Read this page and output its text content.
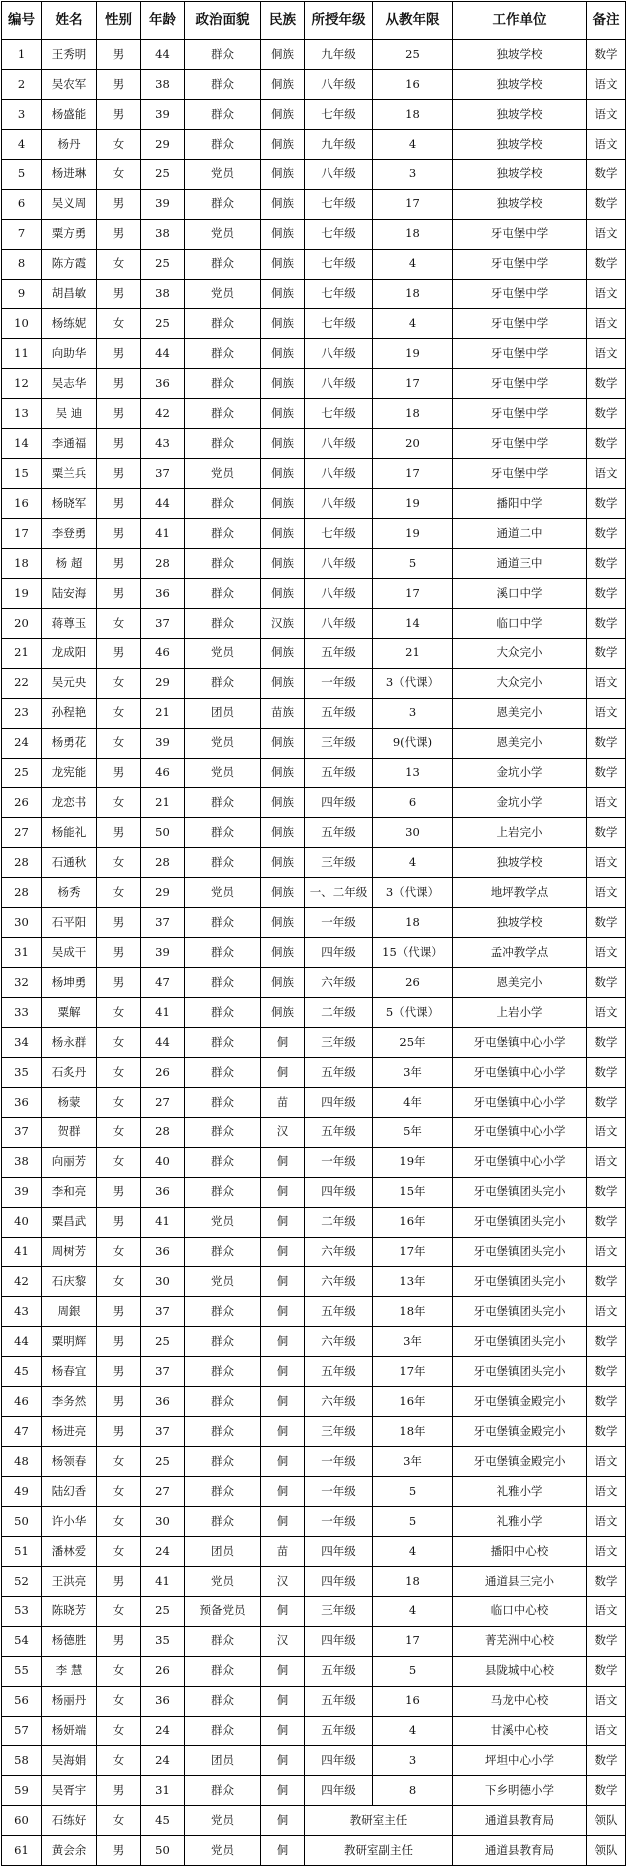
编号	姓名	性别	年龄	政治面貌	民族	所授年级	从教年限	工作单位	备注
1	王秀明	男	44	群众	侗族	九年级	25	独坡学校	数学
2	吴农军	男	38	群众	侗族	八年级	16	独坡学校	语文
3	杨盛能	男	39	群众	侗族	七年级	18	独坡学校	语文
4	杨丹	女	29	群众	侗族	九年级	4	独坡学校	语文
5	杨进琳	女	25	党员	侗族	八年级	3	独坡学校	数学
6	吴义周	男	39	群众	侗族	七年级	17	独坡学校	数学
7	粟方勇	男	38	党员	侗族	七年级	18	牙屯堡中学	语文
8	陈方霞	女	25	群众	侗族	七年级	4	牙屯堡中学	数学
9	胡昌敏	男	38	党员	侗族	七年级	18	牙屯堡中学	语文
10	杨练妮	女	25	群众	侗族	七年级	4	牙屯堡中学	语文
11	向助华	男	44	群众	侗族	八年级	19	牙屯堡中学	语文
12	吴志华	男	36	群众	侗族	八年级	17	牙屯堡中学	数学
13	吴 迪	男	42	群众	侗族	七年级	18	牙屯堡中学	数学
14	李通福	男	43	群众	侗族	八年级	20	牙屯堡中学	数学
15	粟兰兵	男	37	党员	侗族	八年级	17	牙屯堡中学	语文
16	杨晓军	男	44	群众	侗族	八年级	19	播阳中学	数学
17	李登勇	男	41	群众	侗族	七年级	19	通道二中	数学
18	杨 超	男	28	群众	侗族	八年级	5	通道三中	数学
19	陆安海	男	36	群众	侗族	八年级	17	溪口中学	数学
20	蒋尊玉	女	37	群众	汉族	八年级	14	临口中学	数学
21	龙成阳	男	46	党员	侗族	五年级	21	大众完小	数学
22	吴元央	女	29	群众	侗族	一年级	3（代课）	大众完小	语文
23	孙程艳	女	21	团员	苗族	五年级	3	恩美完小	语文
24	杨勇花	女	39	党员	侗族	三年级	9(代课)	恩美完小	数学
25	龙宪能	男	46	党员	侗族	五年级	13	金坑小学	数学
26	龙恋书	女	21	群众	侗族	四年级	6	金坑小学	语文
27	杨能礼	男	50	群众	侗族	五年级	30	上岩完小	数学
28	石通秋	女	28	群众	侗族	三年级	4	独坡学校	语文
28	杨秀	女	29	党员	侗族	一、二年级	3（代课）	地坪教学点	语文
30	石平阳	男	37	群众	侗族	一年级	18	独坡学校	数学
31	吴成干	男	39	群众	侗族	四年级	15（代课）	孟冲教学点	语文
32	杨坤勇	男	47	群众	侗族	六年级	26	恩美完小	数学
33	粟解	女	41	群众	侗族	二年级	5（代课）	上岩小学	语文
34	杨永群	女	44	群众	侗	三年级	25年	牙屯堡镇中心小学	数学
35	石炙丹	女	26	群众	侗	五年级	3年	牙屯堡镇中心小学	数学
36	杨蒙	女	27	群众	苗	四年级	4年	牙屯堡镇中心小学	数学
37	贺群	女	28	群众	汉	五年级	5年	牙屯堡镇中心小学	语文
38	向丽芳	女	40	群众	侗	一年级	19年	牙屯堡镇中心小学	语文
39	李和亮	男	36	群众	侗	四年级	15年	牙屯堡镇团头完小	数学
40	粟昌武	男	41	党员	侗	二年级	16年	牙屯堡镇团头完小	数学
41	周树芳	女	36	群众	侗	六年级	17年	牙屯堡镇团头完小	语文
42	石庆黎	女	30	党员	侗	六年级	13年	牙屯堡镇团头完小	数学
43	周銀	男	37	群众	侗	五年级	18年	牙屯堡镇团头完小	语文
44	粟明辉	男	25	群众	侗	六年级	3年	牙屯堡镇团头完小	数学
45	杨春宜	男	37	群众	侗	五年级	17年	牙屯堡镇团头完小	数学
46	李务然	男	36	群众	侗	六年级	16年	牙屯堡镇金殿完小	数学
47	杨进亮	男	37	群众	侗	三年级	18年	牙屯堡镇金殿完小	数学
48	杨领春	女	25	群众	侗	一年级	3年	牙屯堡镇金殿完小	语文
49	陆幻香	女	27	群众	侗	一年级	5	礼雅小学	语文
50	许小华	女	30	群众	侗	一年级	5	礼雅小学	语文
51	潘林爱	女	24	团员	苗	四年级	4	播阳中心校	语文
52	王洪亮	男	41	党员	汉	四年级	18	通道县三完小	数学
53	陈晓芳	女	25	预备党员	侗	三年级	4	临口中心校	语文
54	杨德胜	男	35	群众	汉	四年级	17	菁芜洲中心校	数学
55	李 慧	女	26	群众	侗	五年级	5	县陇城中心校	数学
56	杨丽丹	女	36	群众	侗	五年级	16	马龙中心校	语文
57	杨妍端	女	24	群众	侗	五年级	4	甘溪中心校	语文
58	吴海娟	女	24	团员	侗	四年级	3	坪坦中心小学	数学
59	吴胥宇	男	31	群众	侗	四年级	8	下乡明德小学	数学
60	石练好	女	45	党员	侗	教研室主任		通道县教育局	领队
61	黄会余	男	50	党员	侗	教研室副主任		通道县教育局	领队
